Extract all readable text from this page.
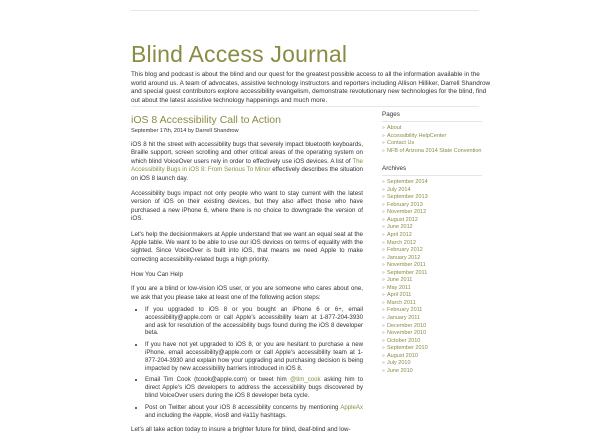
Blind Access Journal
This blog and podcast is about the blind and our quest for the greatest possible access to all the information available in the world around us. A team of advocates, assistive technology instructors and reporters including Allison Hilliker, Darrell Shandrow and special guest contributors explore accessibility evangelism, demonstrate revolutionary new technologies for the blind, find out about the latest assistive technology happenings and much more.
iOS 8 Accessibility Call to Action
September 17th, 2014 by Darrell Shandrow
iOS 8 hit the street with accessibility bugs that severely impact bluetooth keyboards, Braille support, screen scrolling and other critical areas of the operating system on which blind VoiceOver users rely in order to effectively use iOS devices. A list of The Accessibility Bugs in iOS 8: From Serious To Minor effectively describes the situation on iOS 8 launch day.
Accessibility bugs impact not only people who want to stay current with the latest version of iOS on their existing devices, but they also affect those who have purchased a new iPhone 6, where there is no choice to downgrade the version of iOS.
Let's help the decisionmakers at Apple understand that we want an equal seat at the Apple table. We want to be able to use our iOS devices on terms of equality with the sighted. Since VoiceOver is built into iOS, that means we need Apple to make correcting accessibility-related bugs a high priority.
How You Can Help
If you are a blind or low-vision iOS user, or you are someone who cares about one, we ask that you please take at least one of the following action steps:
• If you upgraded to iOS 8 or you bought an iPhone 6 or 6+, email accessibility@apple.com or call Apple's accessibility team at 1-877-204-3930 and ask for resolution of the accessibility bugs found during the iOS 8 developer beta.
• If you have not yet upgraded to iOS 8, or you are hesitant to purchase a new iPhone, email accessibility@apple.com or call Apple's accessibility team at 1-877-204-3930 and explain how your upgrading and purchasing decision is being impacted by new accessibility barriers introduced in iOS 8.
• Email Tim Cook (tcook@apple.com) or tweet him @tim_cook asking him to direct Apple's iOS developers to address the accessibility bugs discovered by blind VoiceOver users during the iOS 8 developer beta cycle.
• Post on Twitter about your iOS 8 accessibility concerns by mentioning AppleAx and including the #apple, #ios8 and #a11y hashtags.
Let's all take action today to insure a brighter future for blind, deaf-blind and low-
Pages
» About
» Accessibility HelpCenter
» Contact Us
» NFB of Arizona 2014 State Convention
Archives
» September 2014
» July 2014
» September 2013
» February 2013
» November 2012
» August 2012
» June 2012
» April 2012
» March 2012
» February 2012
» January 2012
» November 2011
» September 2011
» June 2011
» May 2011
» April 2011
» March 2011
» February 2011
» January 2011
» December 2010
» November 2010
» October 2010
» September 2010
» August 2010
» July 2010
» June 2010
